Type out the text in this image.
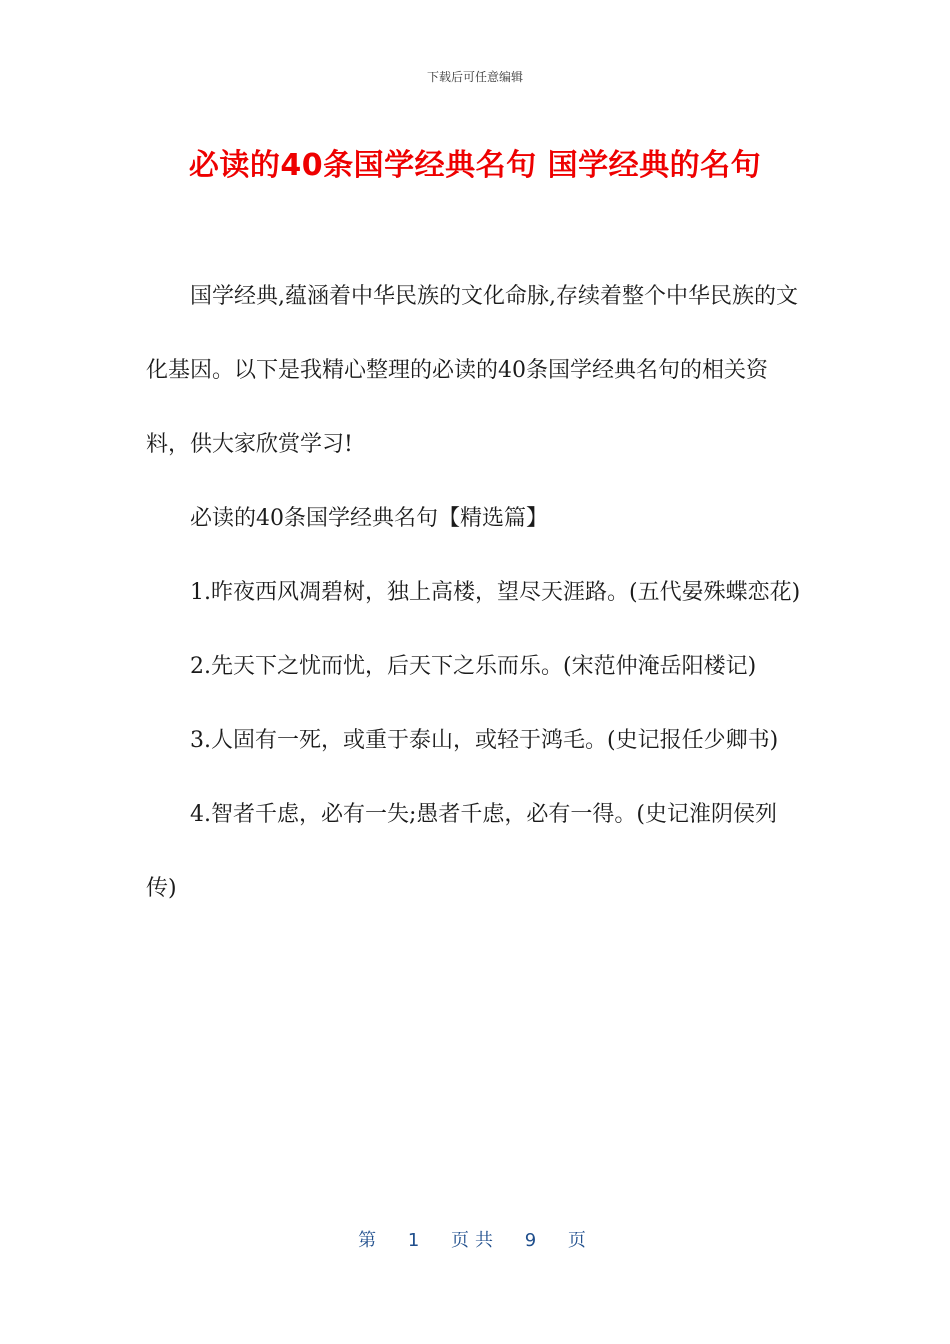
下载后可任意编辑
必读的40条国学经典名句 国学经典的名句

国学经典,蕴涵着中华民族的文化命脉,存续着整个中华民族的文化基因。以下是我精心整理的必读的40条国学经典名句的相关资料，供大家欣赏学习!

必读的40条国学经典名句【精选篇】

1.昨夜西风凋碧树，独上高楼，望尽天涯路。(五代晏殊蝶恋花)

2.先天下之忧而忧，后天下之乐而乐。(宋范仲淹岳阳楼记)

3.人固有一死，或重于泰山，或轻于鸿毛。(史记报任少卿书)

4.智者千虑，必有一失;愚者千虑，必有一得。(史记淮阴侯列传)

第 1 页共 9 页
